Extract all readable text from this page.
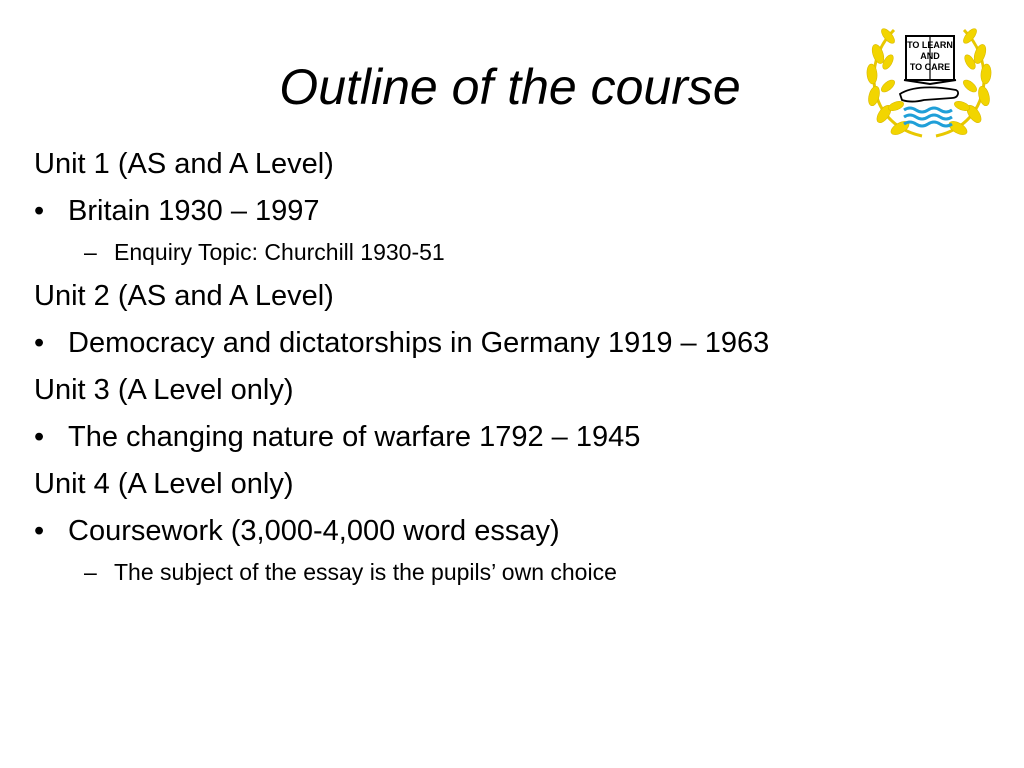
Outline of the course
TO LEARN
AND
TO CARE
Unit 1 (AS and A Level)
• Britain 1930 – 1997
– Enquiry Topic: Churchill 1930-51
Unit 2 (AS and A Level)
• Democracy and dictatorships in Germany 1919 – 1963
Unit 3 (A Level only)
• The changing nature of warfare 1792 – 1945
Unit 4 (A Level only)
• Coursework (3,000-4,000 word essay)
– The subject of the essay is the pupils’ own choice
